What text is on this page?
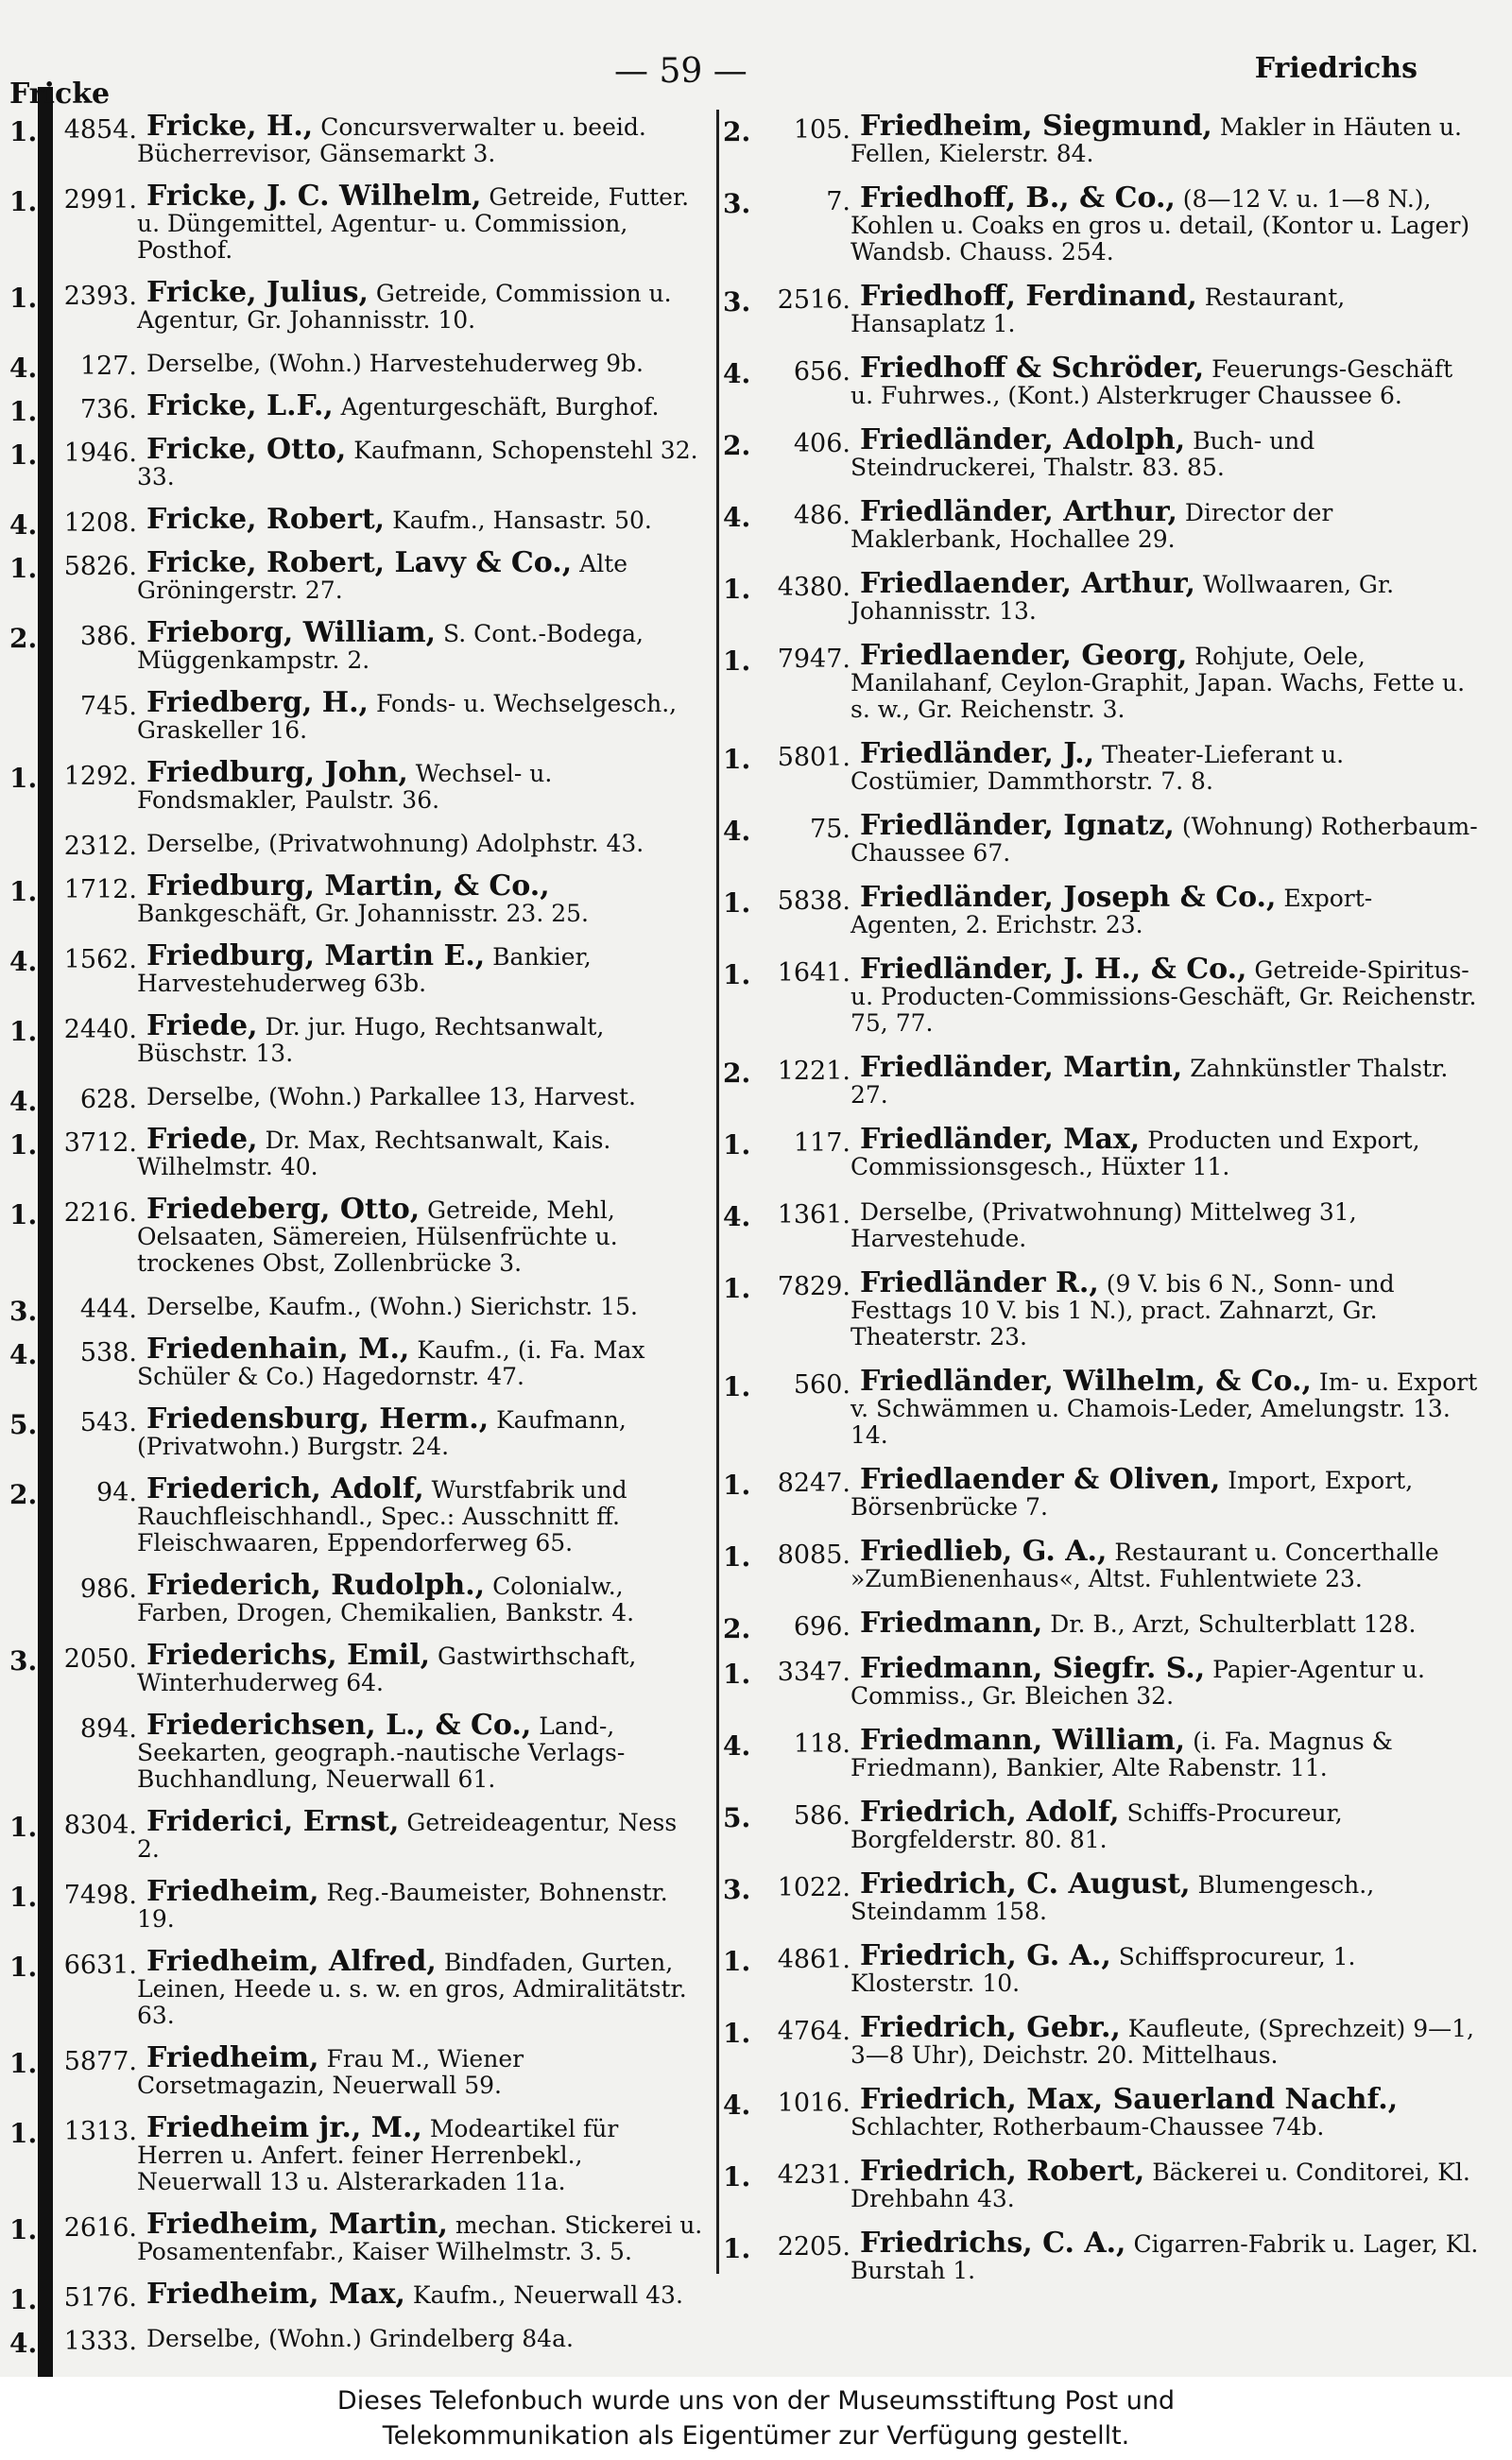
Fricke
— 59 —	Friedrichs
1.	4854. Fricke, H., Concursverwalter u. beeid. Bücherrevisor, Gänsemarkt 3.
1.	2991. Fricke, J. C. Wilhelm, Getreide, Futter. u. Düngemittel, Agentur- u. Commission, Posthof.
1.	2393. Fricke, Julius, Getreide, Commission u. Agentur, Gr. Johannisstr. 10.
4.	127. Derselbe, (Wohn.) Harvestehuderweg 9b.
1.	736. Fricke, L.F., Agenturgeschäft, Burghof.
1.	1946. Fricke, Otto, Kaufmann, Schopenstehl 32. 33.
4.	1208. Fricke, Robert, Kaufm., Hansastr. 50.
1.	5826. Fricke, Robert, Lavy & Co., Alte Gröningerstr. 27.
2.	386. Frieborg, William, S. Cont.-Bodega, Müggenkampstr. 2.
745. Friedberg, H., Fonds- u. Wechselgesch., Graskeller 16.
1.	1292. Friedburg, John, Wechsel- u. Fondsmakler, Paulstr. 36.
2312. Derselbe, (Privatwohnung) Adolphstr. 43.
1.	1712. Friedburg, Martin, & Co., Bankgeschäft, Gr. Johannisstr. 23. 25.
4.	1562. Friedburg, Martin E., Bankier, Harvestehuderweg 63b.
1.	2440. Friede, Dr. jur. Hugo, Rechtsanwalt, Büschstr. 13.
4.	628. Derselbe, (Wohn.) Parkallee 13, Harvest.
1.	3712. Friede, Dr. Max, Rechtsanwalt, Kais. Wilhelmstr. 40.
1.	2216. Friedeberg, Otto, Getreide, Mehl, Oelsaaten, Sämereien, Hülsenfrüchte u. trockenes Obst, Zollenbrücke 3.
3.	444. Derselbe, Kaufm., (Wohn.) Sierichstr. 15.
4.	538. Friedenhain, M., Kaufm., (i. Fa. Max Schüler & Co.) Hagedornstr. 47.
5.	543. Friedensburg, Herm., Kaufmann, (Privatwohn.) Burgstr. 24.
2.	94. Friederich, Adolf, Wurstfabrik und Rauchfleischhandl., Spec.: Ausschnitt ff. Fleischwaaren, Eppendorferweg 65.
986. Friederich, Rudolph., Colonialw., Farben, Drogen, Chemikalien, Bankstr. 4.
3.	2050. Friederichs, Emil, Gastwirthschaft, Winterhuderweg 64.
894. Friederichsen, L., & Co., Land-, Seekarten, geograph.-nautische Verlags-Buchhandlung, Neuerwall 61.
1.	8304. Friderici, Ernst, Getreideagentur, Ness 2.
1.	7498. Friedheim, Reg.-Baumeister, Bohnenstr. 19.
1.	6631. Friedheim, Alfred, Bindfaden, Gurten, Leinen, Heede u. s. w. en gros, Admiralitätstr. 63.
1.	5877. Friedheim, Frau M., Wiener Corsetmagazin, Neuerwall 59.
1.	1313. Friedheim jr., M., Modeartikel für Herren u. Anfert. feiner Herrenbekl., Neuerwall 13 u. Alsterarkaden 11a.
1.	2616. Friedheim, Martin, mechan. Stickerei u. Posamentenfabr., Kaiser Wilhelmstr. 3. 5.
1.	5176. Friedheim, Max, Kaufm., Neuerwall 43.
4.	1333. Derselbe, (Wohn.) Grindelberg 84a.
2.	105. Friedheim, Siegmund, Makler in Häuten u. Fellen, Kielerstr. 84.
3.	7. Friedhoff, B., & Co., (8—12 V. u. 1—8 N.), Kohlen u. Coaks en gros u. detail, (Kontor u. Lager) Wandsb. Chauss. 254.
3.	2516. Friedhoff, Ferdinand, Restaurant, Hansaplatz 1.
4.	656. Friedhoff & Schröder, Feuerungs-Geschäft u. Fuhrwes., (Kont.) Alsterkruger Chaussee 6.
2.	406. Friedländer, Adolph, Buch- und Steindruckerei, Thalstr. 83. 85.
4.	486. Friedländer, Arthur, Director der Maklerbank, Hochallee 29.
1.	4380. Friedlaender, Arthur, Wollwaaren, Gr. Johannisstr. 13.
1.	7947. Friedlaender, Georg, Rohjute, Oele, Manilahanf, Ceylon-Graphit, Japan. Wachs, Fette u. s. w., Gr. Reichenstr. 3.
1.	5801. Friedländer, J., Theater-Lieferant u. Costümier, Dammthorstr. 7. 8.
4.	75. Friedländer, Ignatz, (Wohnung) Rotherbaum-Chaussee 67.
1.	5838. Friedländer, Joseph & Co., Export-Agenten, 2. Erichstr. 23.
1.	1641. Friedländer, J. H., & Co., Getreide-Spiritus- u. Producten-Commissions-Geschäft, Gr. Reichenstr. 75, 77.
2.	1221. Friedländer, Martin, Zahnkünstler Thalstr. 27.
1.	117. Friedländer, Max, Producten und Export, Commissionsgesch., Hüxter 11.
4.	1361. Derselbe, (Privatwohnung) Mittelweg 31, Harvestehude.
1.	7829. Friedländer R., (9 V. bis 6 N., Sonn- und Festtags 10 V. bis 1 N.), pract. Zahnarzt, Gr. Theaterstr. 23.
1.	560. Friedländer, Wilhelm, & Co., Im- u. Export v. Schwämmen u. Chamois-Leder, Amelungstr. 13. 14.
1.	8247. Friedlaender & Oliven, Import, Export, Börsenbrücke 7.
1.	8085. Friedlieb, G. A., Restaurant u. Concerthalle »ZumBienenhaus«, Altst. Fuhlentwiete 23.
2.	696. Friedmann, Dr. B., Arzt, Schulterblatt 128.
1.	3347. Friedmann, Siegfr. S., Papier-Agentur u. Commiss., Gr. Bleichen 32.
4.	118. Friedmann, William, (i. Fa. Magnus & Friedmann), Bankier, Alte Rabenstr. 11.
5.	586. Friedrich, Adolf, Schiffs-Procureur, Borgfelderstr. 80. 81.
3.	1022. Friedrich, C. August, Blumengesch., Steindamm 158.
1.	4861. Friedrich, G. A., Schiffsprocureur, 1. Klosterstr. 10.
1.	4764. Friedrich, Gebr., Kaufleute, (Sprechzeit) 9—1, 3—8 Uhr), Deichstr. 20. Mittelhaus.
4.	1016. Friedrich, Max, Sauerland Nachf., Schlachter, Rotherbaum-Chaussee 74b.
1.	4231. Friedrich, Robert, Bäckerei u. Conditorei, Kl. Drehbahn 43.
1.	2205. Friedrichs, C. A., Cigarren-Fabrik u. Lager, Kl. Burstah 1.
Dieses Telefonbuch wurde uns von der Museumsstiftung Post und
Telekommunikation als Eigentümer zur Verfügung gestellt.
